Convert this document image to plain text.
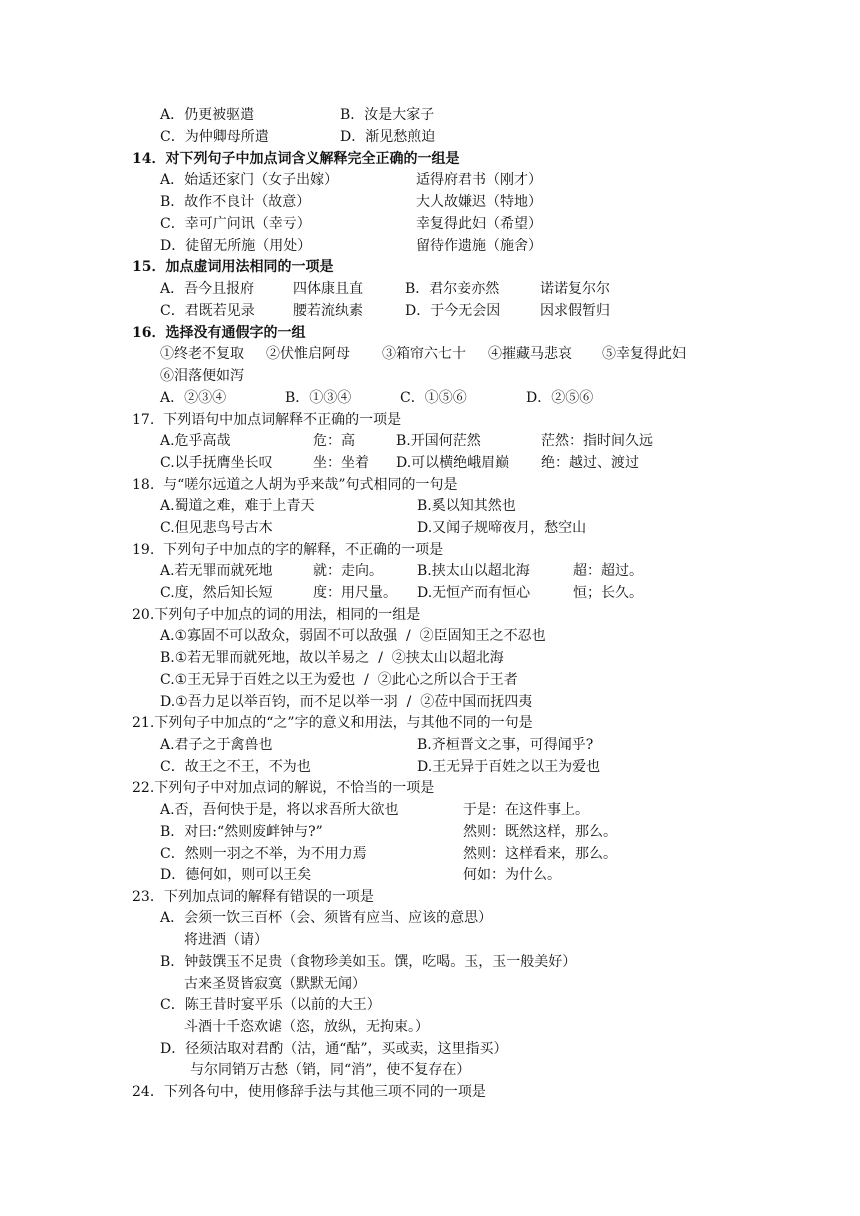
A．仍更被驱遣	B．汝是大家子
C．为仲卿母所遣	D．渐见愁煎迫
14．对下列句子中加点词含义解释完全正确的一组是
A．始适还家门（女子出嫁）	适得府君书（刚才）
B．故作不良计（故意）	大人故嫌迟（特地）
C．幸可广问讯（幸亏）	幸复得此妇（希望）
D．徒留无所施（用处）	留待作遗施（施舍）
15．加点虚词用法相同的一项是
A．吾今且报府	四体康且直	B．君尔妾亦然	诺诺复尔尔
C．君既若见录	腰若流纨素	D．于今无会因	因求假暂归
16．选择没有通假字的一组
①终老不复取 ②伏惟启阿母 ③箱帘六七十 ④摧藏马悲哀 ⑤幸复得此妇
⑥泪落便如泻
A．②③④	B．①③④	C．①⑤⑥	D．②⑤⑥
17.  下列语句中加点词解释不正确的一项是
A.危乎高哉	危：高	B.开国何茫然	茫然：指时间久远
C.以手抚膺坐长叹	坐：坐着 D.可以横绝峨眉巅 绝：越过、渡过
18.  与“嗟尔远道之人胡为乎来哉”句式相同的一句是
A.蜀道之难，难于上青天	B.奚以知其然也
C.但见悲鸟号古木	D.又闻子规啼夜月，愁空山
19.  下列句子中加点的字的解释，不正确的一项是
A.若无罪而就死地	就：走向。 B.挟太山以超北海	超：超过。
C.度，然后知长短	度：用尺量。 D.无恒产而有恒心	恒；长久。
20.下列句子中加点的词的用法，相同的一组是
A.①寡固不可以敌众，弱固不可以敌强  /  ②臣固知王之不忍也
B.①若无罪而就死地，故以羊易之  /  ②挟太山以超北海
C.①王无异于百姓之以王为爱也  /  ②此心之所以合于王者
D.①吾力足以举百钧，而不足以举一羽  /  ②莅中国而抚四夷
21.下列句子中加点的“之”字的意义和用法，与其他不同的一句是
A.君子之于禽兽也	B.齐桓晋文之事，可得闻乎?
C．故王之不王，不为也	D.王无异于百姓之以王为爱也
22.下列句子中对加点词的解说，不恰当的一项是
A.否，吾何快于是，将以求吾所大欲也	于是：在这件事上。
B．对曰:“然则废衅钟与?”	然则：既然这样，那么。
C．然则一羽之不举，为不用力焉	然则：这样看来，那么。
D．德何如，则可以王矣	何如：为什么。
23．下列加点词的解释有错误的一项是
A．会须一饮三百杯（会、须皆有应当、应该的意思）
将进酒（请）
B．钟鼓馔玉不足贵（食物珍美如玉。馔，吃喝。玉，玉一般美好）
古来圣贤皆寂寞（默默无闻）
C．陈王昔时宴平乐（以前的大王）
斗酒十千恣欢谑（恣，放纵，无拘束。）
D．径须沽取对君酌（沽，通“酤”，买或卖，这里指买）
与尔同销万古愁（销，同“消”，使不复存在）
24．下列各句中，使用修辞手法与其他三项不同的一项是
